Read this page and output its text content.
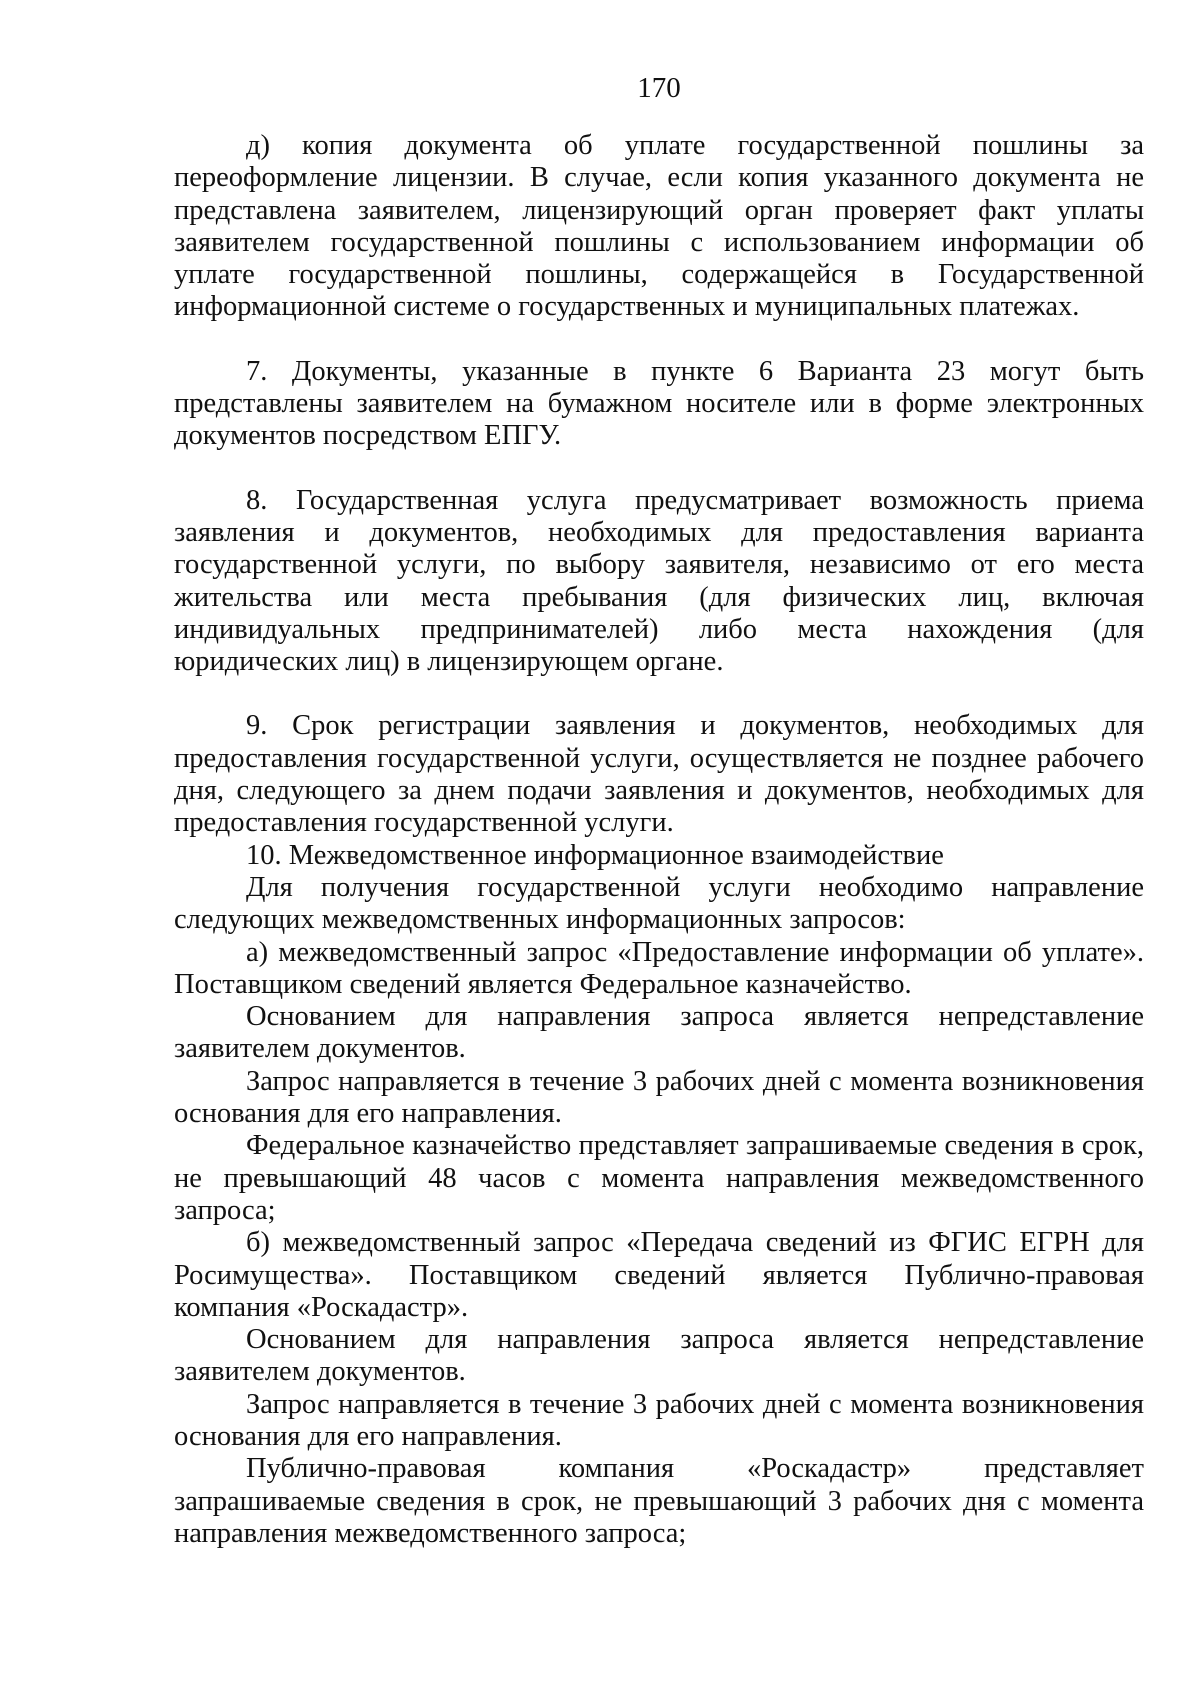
170

д) копия документа об уплате государственной пошлины за переоформление лицензии. В случае, если копия указанного документа не представлена заявителем, лицензирующий орган проверяет факт уплаты заявителем государственной пошлины с использованием информации об уплате государственной пошлины, содержащейся в Государственной информационной системе о государственных и муниципальных платежах.

7. Документы, указанные в пункте 6 Варианта 23 могут быть представлены заявителем на бумажном носителе или в форме электронных документов посредством ЕПГУ.

8. Государственная услуга предусматривает возможность приема заявления и документов, необходимых для предоставления варианта государственной услуги, по выбору заявителя, независимо от его места жительства или места пребывания (для физических лиц, включая индивидуальных предпринимателей) либо места нахождения (для юридических лиц) в лицензирующем органе.

9. Срок регистрации заявления и документов, необходимых для предоставления государственной услуги, осуществляется не позднее рабочего дня, следующего за днем подачи заявления и документов, необходимых для предоставления государственной услуги.

10. Межведомственное информационное взаимодействие

Для получения государственной услуги необходимо направление следующих межведомственных информационных запросов:

а) межведомственный запрос «Предоставление информации об уплате». Поставщиком сведений является Федеральное казначейство.

Основанием для направления запроса является непредставление заявителем документов.

Запрос направляется в течение 3 рабочих дней с момента возникновения основания для его направления.

Федеральное казначейство представляет запрашиваемые сведения в срок, не превышающий 48 часов с момента направления межведомственного запроса;

б) межведомственный запрос «Передача сведений из ФГИС ЕГРН для Росимущества». Поставщиком сведений является Публично-правовая компания «Роскадастр».

Основанием для направления запроса является непредставление заявителем документов.

Запрос направляется в течение 3 рабочих дней с момента возникновения основания для его направления.

Публично-правовая компания «Роскадастр» представляет запрашиваемые сведения в срок, не превышающий 3 рабочих дня с момента направления межведомственного запроса;
